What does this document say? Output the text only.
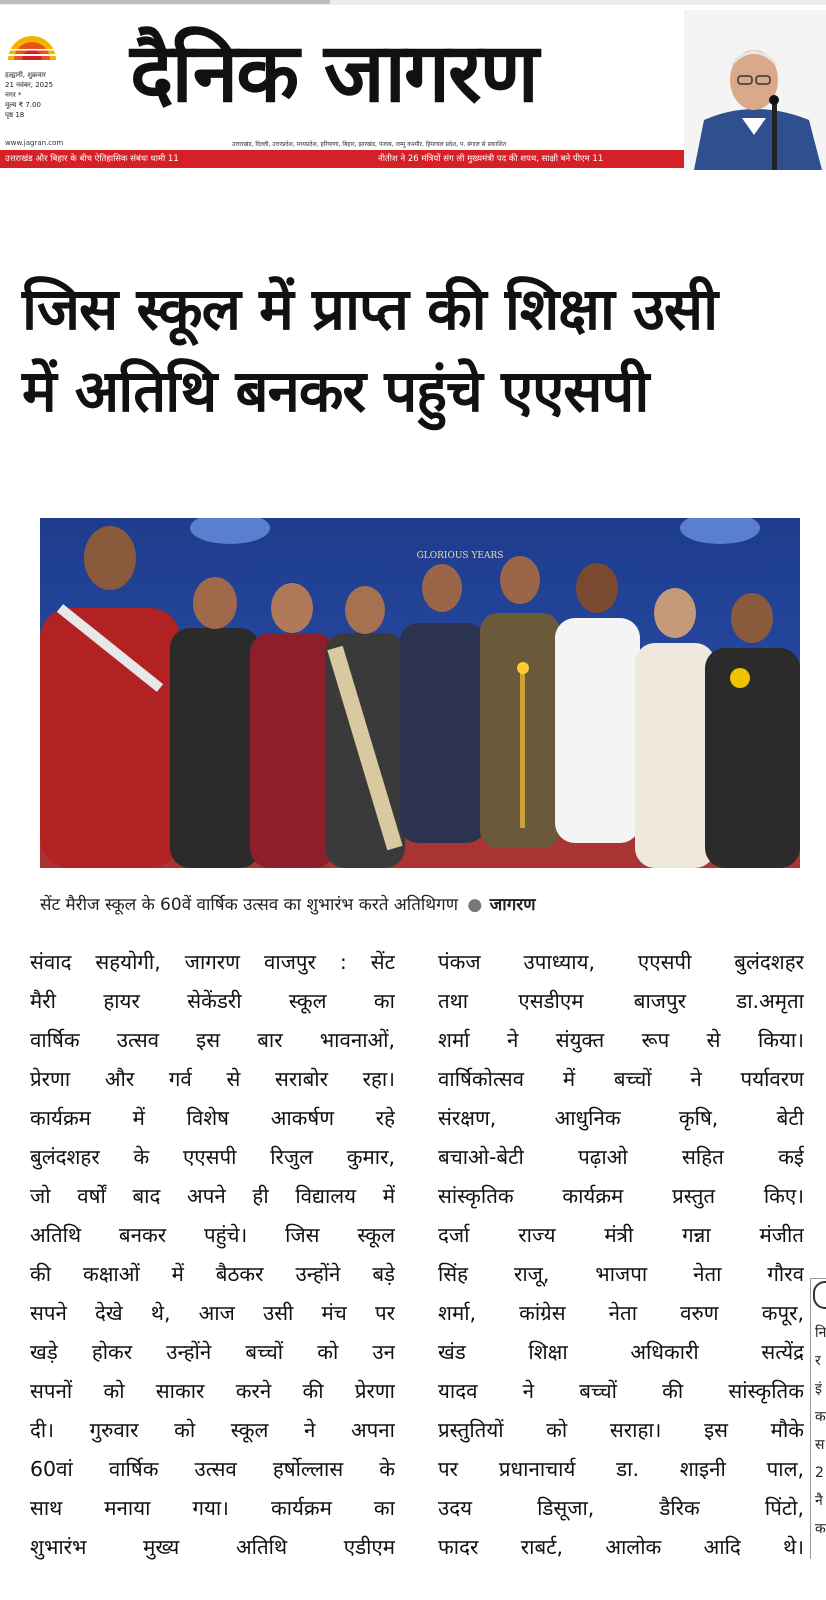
हल्द्वानी, शुक्रवार
21 नवंबर, 2025
नगर *
मूल्य ₹ 7.00
पृष्ठ 18	दैनिक जागरण
www.jagran.com	उत्तराखंड, दिल्ली, उत्तरप्रदेश, मध्यप्रदेश, हरियाणा, बिहार, झारखंड, पंजाब, जम्मू कश्मीर, हिमाचल प्रदेश, प. बंगाल से प्रकाशित
उत्तराखंड और बिहार के बीच ऐतिहासिक संबंधः धामी 11	नीतीश ने 26 मंत्रियों संग ली मुख्यमंत्री पद की शपथ, साक्षी बने पीएम 11
जिस स्कूल में प्राप्त की शिक्षा उसी
में अतिथि बनकर पहुंचे एएसपी
GLORIOUS YEARS
सेंट मैरीज स्कूल के 60वें वार्षिक उत्सव का शुभारंभ करते अतिथिगण ● जागरण
संवाद सहयोगी, जागरण वाजपुर : सेंट
मैरी हायर सेकेंडरी स्कूल का
वार्षिक उत्सव इस बार भावनाओं,
प्रेरणा और गर्व से सराबोर रहा।
कार्यक्रम में विशेष आकर्षण रहे
बुलंदशहर के एएसपी रिजुल कुमार,
जो वर्षों बाद अपने ही विद्यालय में
अतिथि बनकर पहुंचे। जिस स्कूल
की कक्षाओं में बैठकर उन्होंने बड़े
सपने देखे थे, आज उसी मंच पर
खड़े होकर उन्होंने बच्चों को उन
सपनों को साकार करने की प्रेरणा
दी। गुरुवार को स्कूल ने अपना
60वां वार्षिक उत्सव हर्षोल्लास के
साथ मनाया गया। कार्यक्रम का
शुभारंभ मुख्य अतिथि एडीएम
पंकज उपाध्याय, एएसपी बुलंदशहर
तथा एसडीएम बाजपुर डा.अमृता
शर्मा ने संयुक्त रूप से किया।
वार्षिकोत्सव में बच्चों ने पर्यावरण
संरक्षण, आधुनिक कृषि, बेटी
बचाओ-बेटी पढ़ाओ सहित कई
सांस्कृतिक कार्यक्रम प्रस्तुत किए।
दर्जा राज्य मंत्री गन्ना मंजीत
सिंह राजू, भाजपा नेता गौरव
शर्मा, कांग्रेस नेता वरुण कपूर,
खंड शिक्षा अधिकारी सत्येंद्र
यादव ने बच्चों की सांस्कृतिक
प्रस्तुतियों को सराहा। इस मौके
पर प्रधानाचार्य डा. शाइनी पाल,
उदय डिसूजा, डैरिक पिंटो,
फादर राबर्ट, आलोक आदि थे।
नि
र
इं
क
स
2
नै
क
